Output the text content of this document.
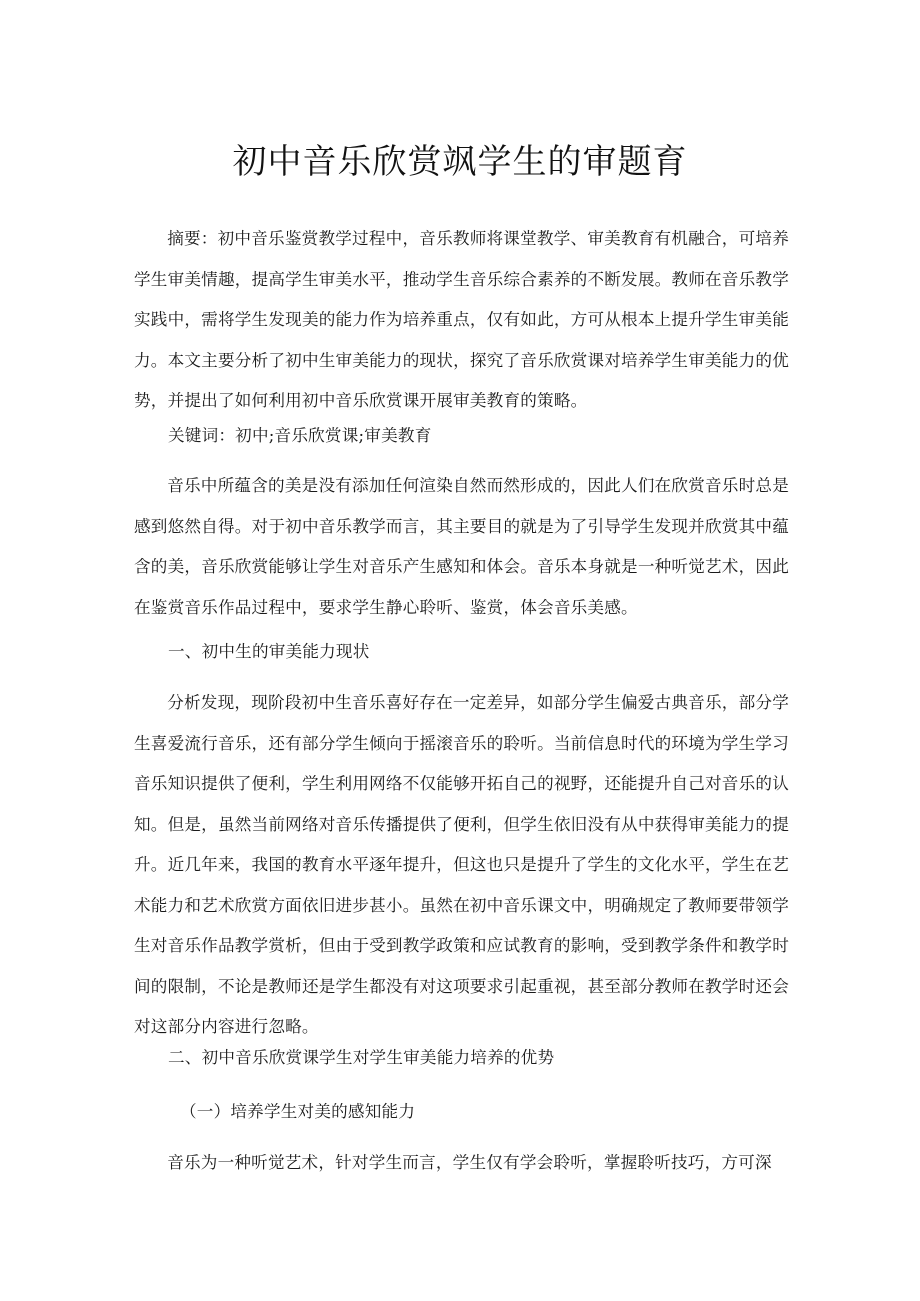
初中音乐欣赏飒学生的审题育
摘要：初中音乐鉴赏教学过程中，音乐教师将课堂教学、审美教育有机融合，可培养学生审美情趣，提高学生审美水平，推动学生音乐综合素养的不断发展。教师在音乐教学实践中，需将学生发现美的能力作为培养重点，仅有如此，方可从根本上提升学生审美能力。本文主要分析了初中生审美能力的现状，探究了音乐欣赏课对培养学生审美能力的优势，并提出了如何利用初中音乐欣赏课开展审美教育的策略。
关键词：初中;音乐欣赏课;审美教育
音乐中所蕴含的美是没有添加任何渲染自然而然形成的，因此人们在欣赏音乐时总是感到悠然自得。对于初中音乐教学而言，其主要目的就是为了引导学生发现并欣赏其中蕴含的美，音乐欣赏能够让学生对音乐产生感知和体会。音乐本身就是一种听觉艺术，因此在鉴赏音乐作品过程中，要求学生静心聆听、鉴赏，体会音乐美感。
一、初中生的审美能力现状
分析发现，现阶段初中生音乐喜好存在一定差异，如部分学生偏爱古典音乐，部分学生喜爱流行音乐，还有部分学生倾向于摇滚音乐的聆听。当前信息时代的环境为学生学习音乐知识提供了便利，学生利用网络不仅能够开拓自己的视野，还能提升自己对音乐的认知。但是，虽然当前网络对音乐传播提供了便利，但学生依旧没有从中获得审美能力的提升。近几年来，我国的教育水平逐年提升，但这也只是提升了学生的文化水平，学生在艺术能力和艺术欣赏方面依旧进步甚小。虽然在初中音乐课文中，明确规定了教师要带领学生对音乐作品教学赏析，但由于受到教学政策和应试教育的影响，受到教学条件和教学时间的限制，不论是教师还是学生都没有对这项要求引起重视，甚至部分教师在教学时还会对这部分内容进行忽略。
二、初中音乐欣赏课学生对学生审美能力培养的优势
（一）培养学生对美的感知能力
音乐为一种听觉艺术，针对学生而言，学生仅有学会聆听，掌握聆听技巧，方可深
